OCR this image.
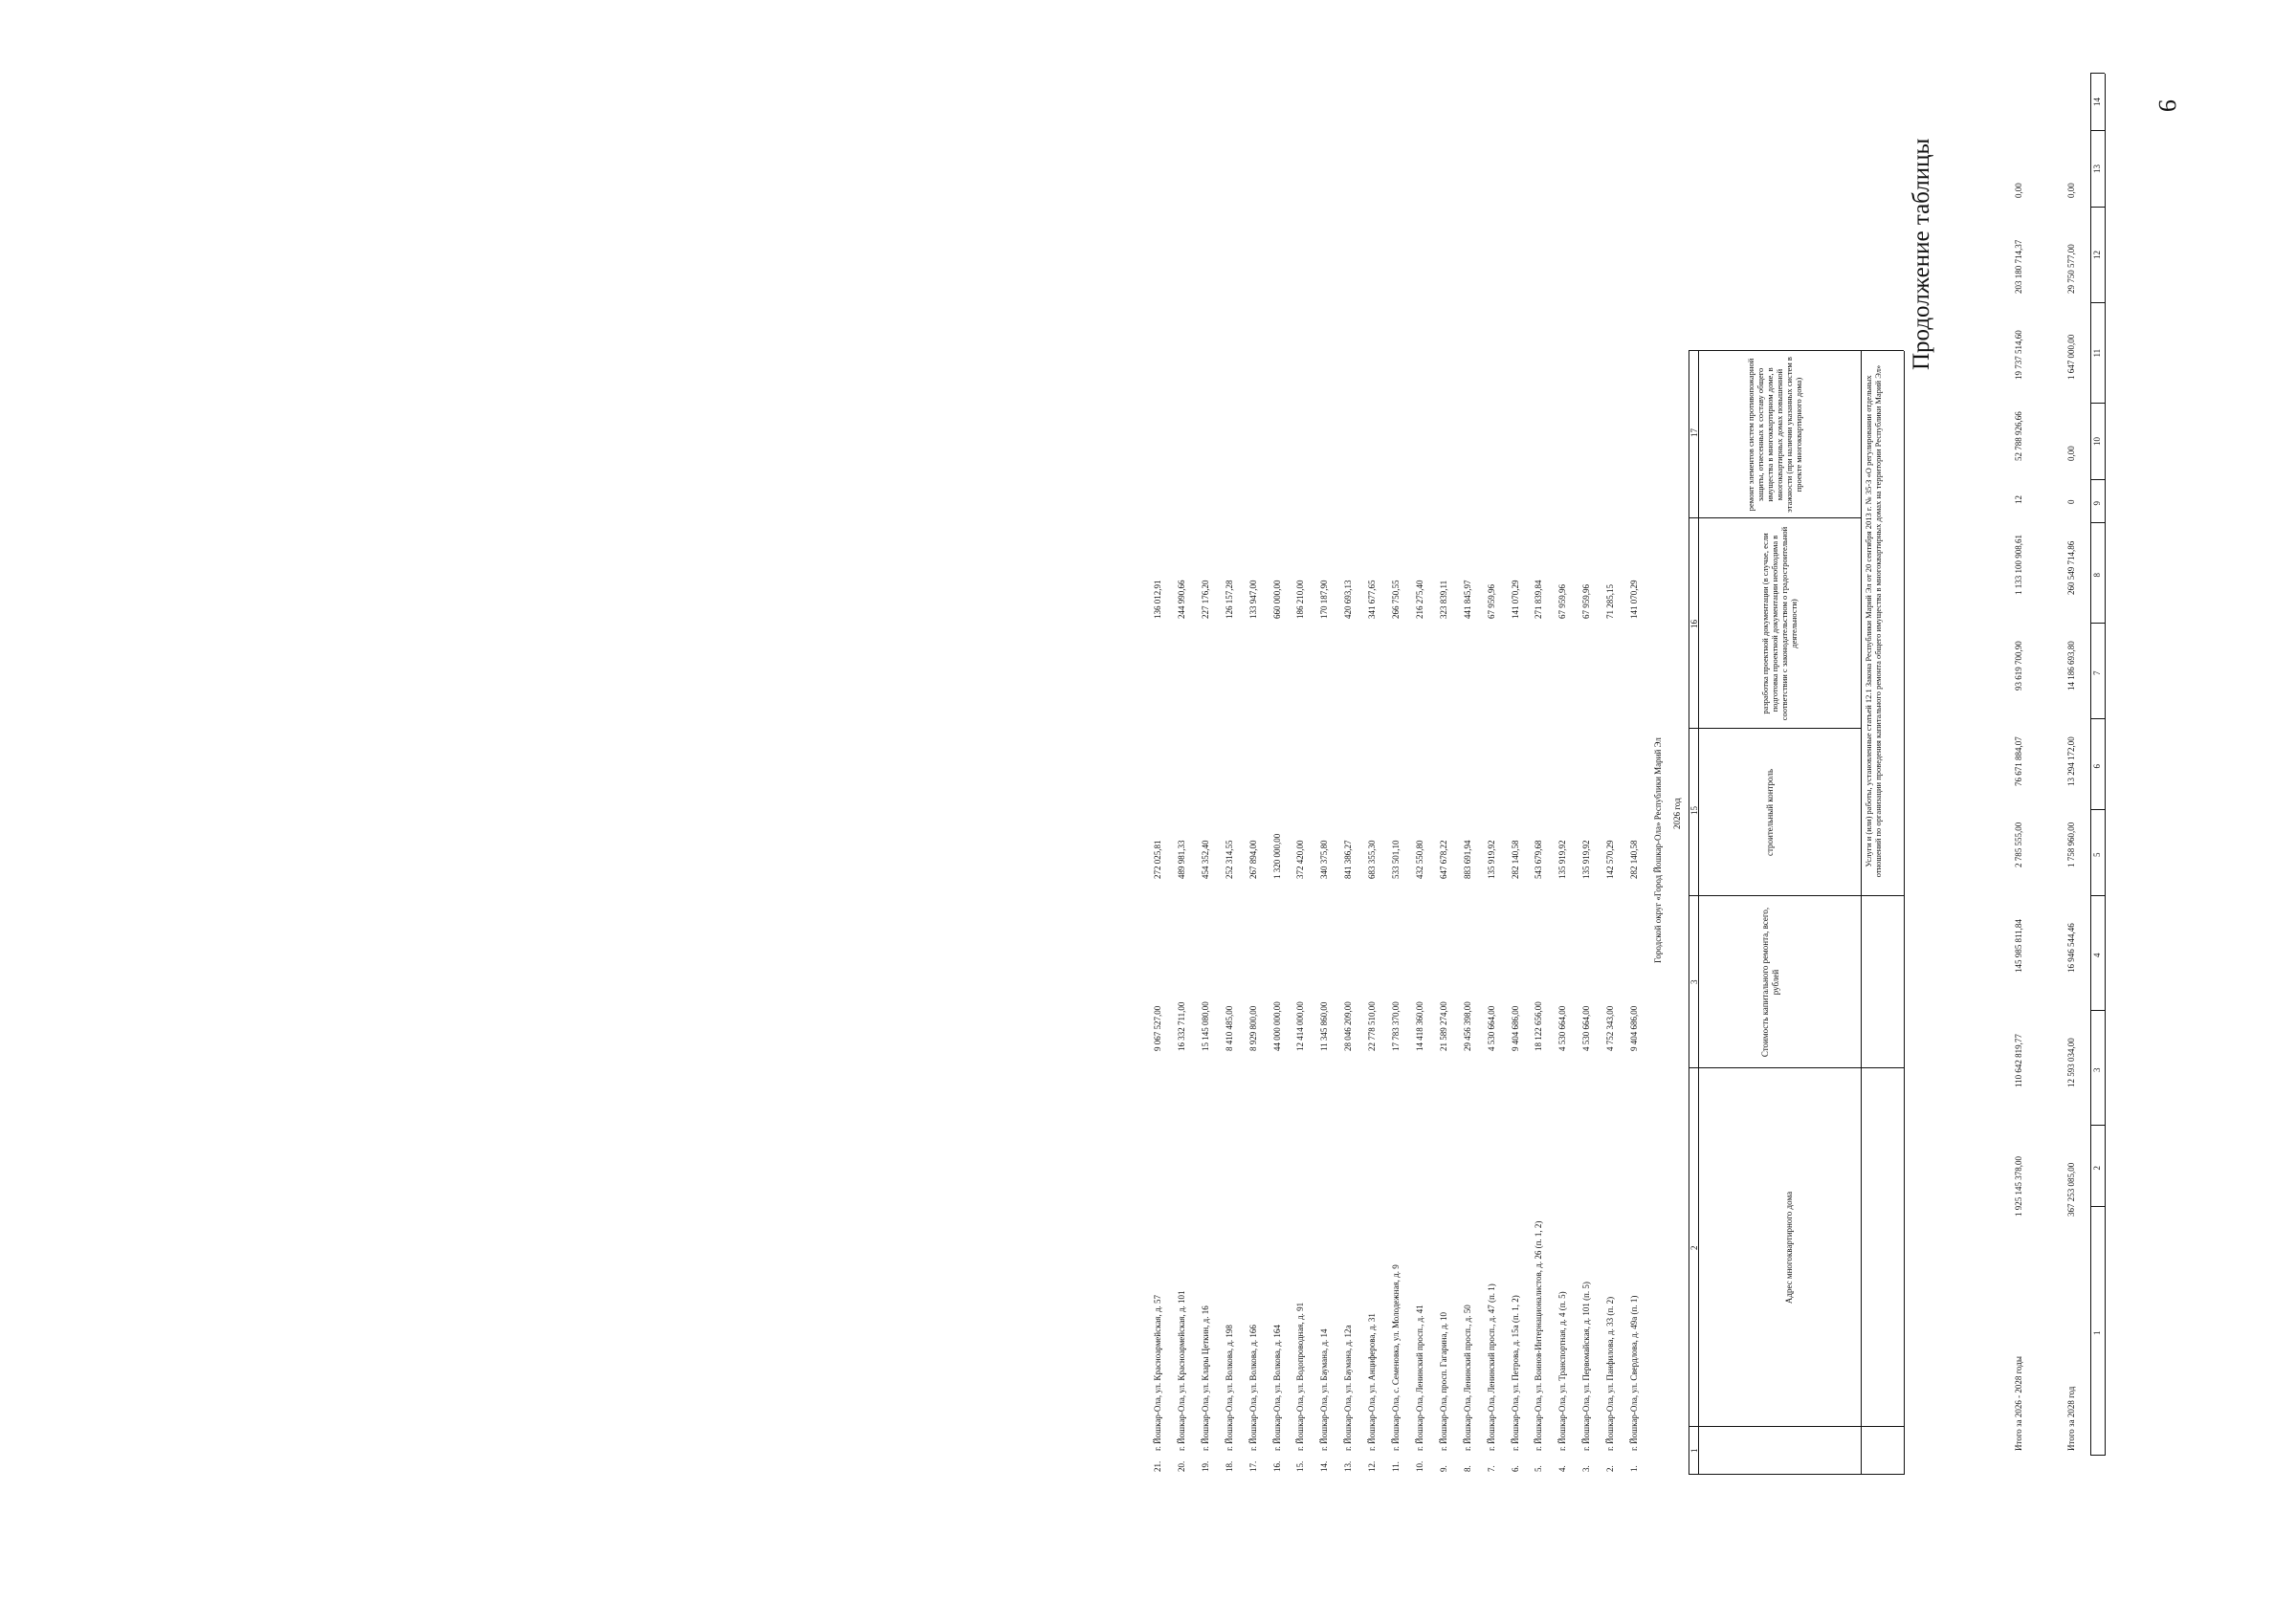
9
1
2
3
4
5
6
7
8
9
10
11
12
13
14
Итого за 2028 год
367 253 085,00
12 593 034,00
16 946 544,46
1 758 960,00
13 294 172,00
14 186 693,80
260 549 714,86
0
0,00
1 647 000,00
29 750 577,00
0,00
Итого за 2026 - 2028 годы
1 925 145 378,00
110 642 819,77
145 985 811,84
2 785 555,00
76 671 884,07
93 619 700,90
1 133 100 908,61
12
52 788 926,66
19 737 514,60
203 180 714,37
0,00
Продолжение таблицы
Адрес многоквартирного дома
Стоимость капитального ремонта, всего, рублей
Услуги и (или) работы, установленные статьей 12.1 Закона Республики Марий Эл от 20 сентября 2013 г. № 35-З «О регулировании отдельных отношений по организации проведения капитального ремонта общего имущества в многоквартирных домах на территории Республики Марий Эл»
разработка проектной документации (в случае, если подготовка проектной документации необходима в соответствии с законодательством о градостроительной деятельности)
строительный контроль
ремонт элементов систем противопожарной защиты, отнесенных к составу общего имущества в многоквартирном доме, в многоквартирных домах повышенной этажности (при наличии указанных систем в проекте многоквартирного дома)
1
2
3
15
16
17
2026 год
Городской округ «Город Йошкар-Ола» Республики Марий Эл
1.
г. Йошкар-Ола, ул. Свердлова, д. 49а (п. 1)
9 404 686,00
282 140,58
141 070,29
2.
г. Йошкар-Ола, ул. Панфилова, д. 33 (п. 2)
4 752 343,00
142 570,29
71 285,15
3.
г. Йошкар-Ола, ул. Первомайская, д. 101 (п. 5)
4 530 664,00
135 919,92
67 959,96
4.
г. Йошкар-Ола, ул. Транспортная, д. 4 (п. 5)
4 530 664,00
135 919,92
67 959,96
5.
г. Йошкар-Ола, ул. Воинов-Интернационалистов, д. 26 (п. 1, 2)
18 122 656,00
543 679,68
271 839,84
6.
г. Йошкар-Ола, ул. Петрова, д. 15а (п. 1, 2)
9 404 686,00
282 140,58
141 070,29
7.
г. Йошкар-Ола, Ленинский просп., д. 47 (п. 1)
4 530 664,00
135 919,92
67 959,96
8.
г. Йошкар-Ола, Ленинский просп., д. 50
29 456 398,00
883 691,94
441 845,97
9.
г. Йошкар-Ола, просп. Гагарина, д. 10
21 589 274,00
647 678,22
323 839,11
10.
г. Йошкар-Ола, Ленинский просп., д. 41
14 418 360,00
432 550,80
216 275,40
11.
г. Йошкар-Ола, с. Семеновка, ул. Молодежная, д. 9
17 783 370,00
533 501,10
266 750,55
12.
г. Йошкар-Ола, ул. Анциферова, д. 31
22 778 510,00
683 355,30
341 677,65
13.
г. Йошкар-Ола, ул. Баумана, д. 12а
28 046 209,00
841 386,27
420 693,13
14.
г. Йошкар-Ола, ул. Баумана, д. 14
11 345 860,00
340 375,80
170 187,90
15.
г. Йошкар-Ола, ул. Водопроводная, д. 91
12 414 000,00
372 420,00
186 210,00
16.
г. Йошкар-Ола, ул. Волкова, д. 164
44 000 000,00
1 320 000,00
660 000,00
17.
г. Йошкар-Ола, ул. Волкова, д. 166
8 929 800,00
267 894,00
133 947,00
18.
г. Йошкар-Ола, ул. Волкова, д. 198
8 410 485,00
252 314,55
126 157,28
19.
г. Йошкар-Ола, ул. Клары Цеткин, д. 16
15 145 080,00
454 352,40
227 176,20
20.
г. Йошкар-Ола, ул. Красноармейская, д. 101
16 332 711,00
489 981,33
244 990,66
21.
г. Йошкар-Ола, ул. Красноармейская, д. 57
9 067 527,00
272 025,81
136 012,91
